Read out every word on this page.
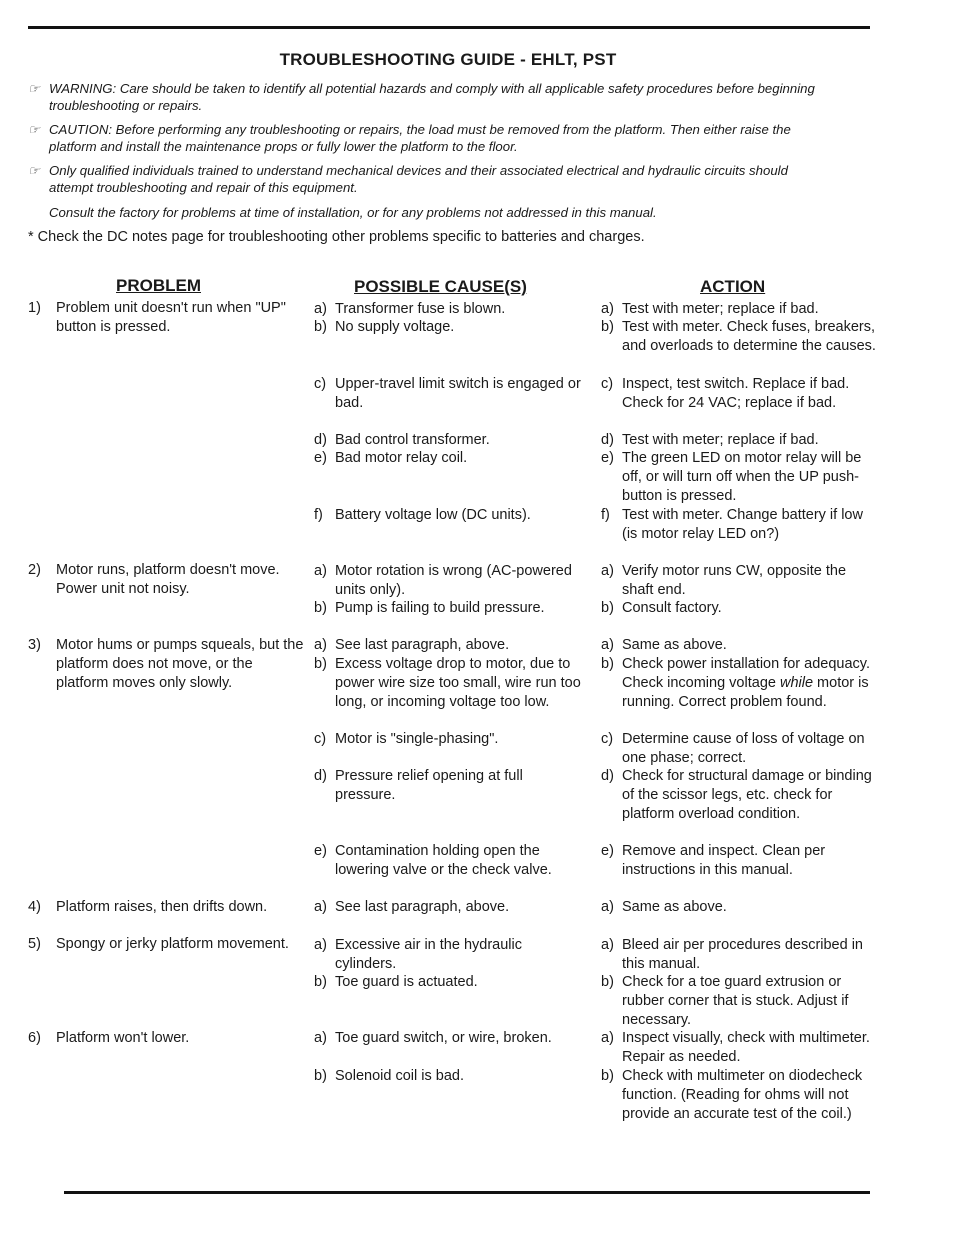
TROUBLESHOOTING GUIDE - EHLT, PST
☞ WARNING: Care should be taken to identify all potential hazards and comply with all applicable safety procedures before beginning troubleshooting or repairs.
☞ CAUTION: Before performing any troubleshooting or repairs, the load must be removed from the platform. Then either raise the platform and install the maintenance props or fully lower the platform to the floor.
☞ Only qualified individuals trained to understand mechanical devices and their associated electrical and hydraulic circuits should attempt troubleshooting and repair of this equipment.
Consult the factory for problems at time of installation, or for any problems not addressed in this manual.
* Check the DC notes page for troubleshooting other problems specific to batteries and charges.
PROBLEM	POSSIBLE CAUSE(S)	ACTION
1) Problem unit doesn't run when "UP" button is pressed.
2) Motor runs, platform doesn't move. Power unit not noisy.
3) Motor hums or pumps squeals, but the platform does not move, or the platform moves only slowly.
4) Platform raises, then drifts down.
5) Spongy or jerky platform movement.
6) Platform won't lower.
a) Transformer fuse is blown.
b) No supply voltage.
c) Upper-travel limit switch is engaged or bad.
d) Bad control transformer.
e) Bad motor relay coil.
f) Battery voltage low (DC units).
a) Motor rotation is wrong (AC-powered units only).
b) Pump is failing to build pressure.
a) See last paragraph, above.
b) Excess voltage drop to motor, due to power wire size too small, wire run too long, or incoming voltage too low.
c) Motor is "single-phasing".
d) Pressure relief opening at full pressure.
e) Contamination holding open the lowering valve or the check valve.
a) See last paragraph, above.
a) Excessive air in the hydraulic cylinders.
b) Toe guard is actuated.
a) Toe guard switch, or wire, broken.
b) Solenoid coil is bad.
a) Test with meter; replace if bad.
b) Test with meter. Check fuses, breakers, and overloads to determine the causes.
c) Inspect, test switch. Replace if bad. Check for 24 VAC; replace if bad.
d) Test with meter; replace if bad.
e) The green LED on motor relay will be off, or will turn off when the UP push-button is pressed.
f) Test with meter. Change battery if low (is motor relay LED on?)
a) Verify motor runs CW, opposite the shaft end.
b) Consult factory.
a) Same as above.
b) Check power installation for adequacy. Check incoming voltage while motor is running. Correct problem found.
c) Determine cause of loss of voltage on one phase; correct.
d) Check for structural damage or binding of the scissor legs, etc. check for platform overload condition.
e) Remove and inspect. Clean per instructions in this manual.
a) Same as above.
a) Bleed air per procedures described in this manual.
b) Check for a toe guard extrusion or rubber corner that is stuck. Adjust if necessary.
a) Inspect visually, check with multimeter. Repair as needed.
b) Check with multimeter on diodecheck function. (Reading for ohms will not provide an accurate test of the coil.)
